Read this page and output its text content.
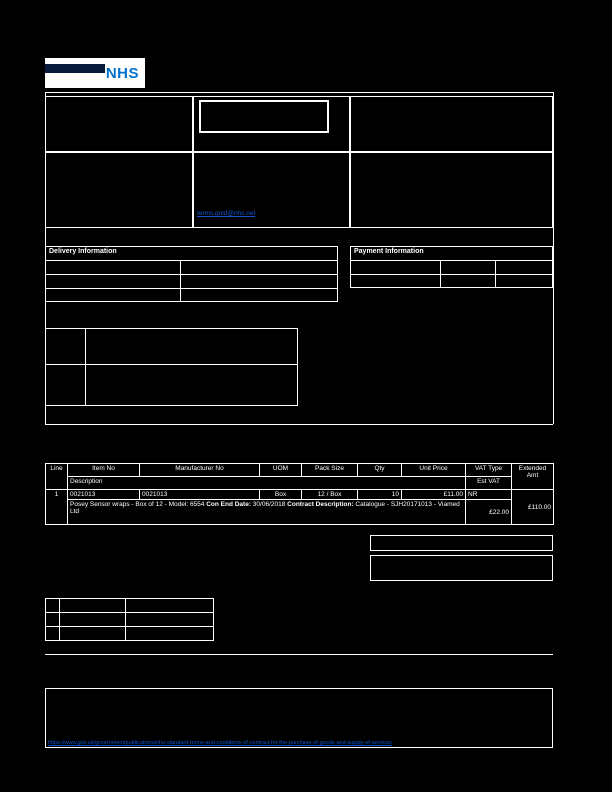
NHS
terms.gold@nhs.net
Delivery Information	Payment Information
Line	Item No	Manufacturer No	UOM	Pack Size	Qty	Unit Price	VAT Type	Extended Amt
	Description						Est VAT	
1	0021013	0021013	Box	12 / Box	10	£11.00	NR	£110.00
	Posey Sensor wraps - Box of 12 - Model: 6554 Con End Date: 30/06/2018 Contract Description: Catalogue - SJH20171013 - Viamed Ltd						£22.00	

https://www.gov.uk/government/publications/nhs-standard-terms-and-conditions-of-contract-for-the-purchase-of-goods-and-supply-of-services
